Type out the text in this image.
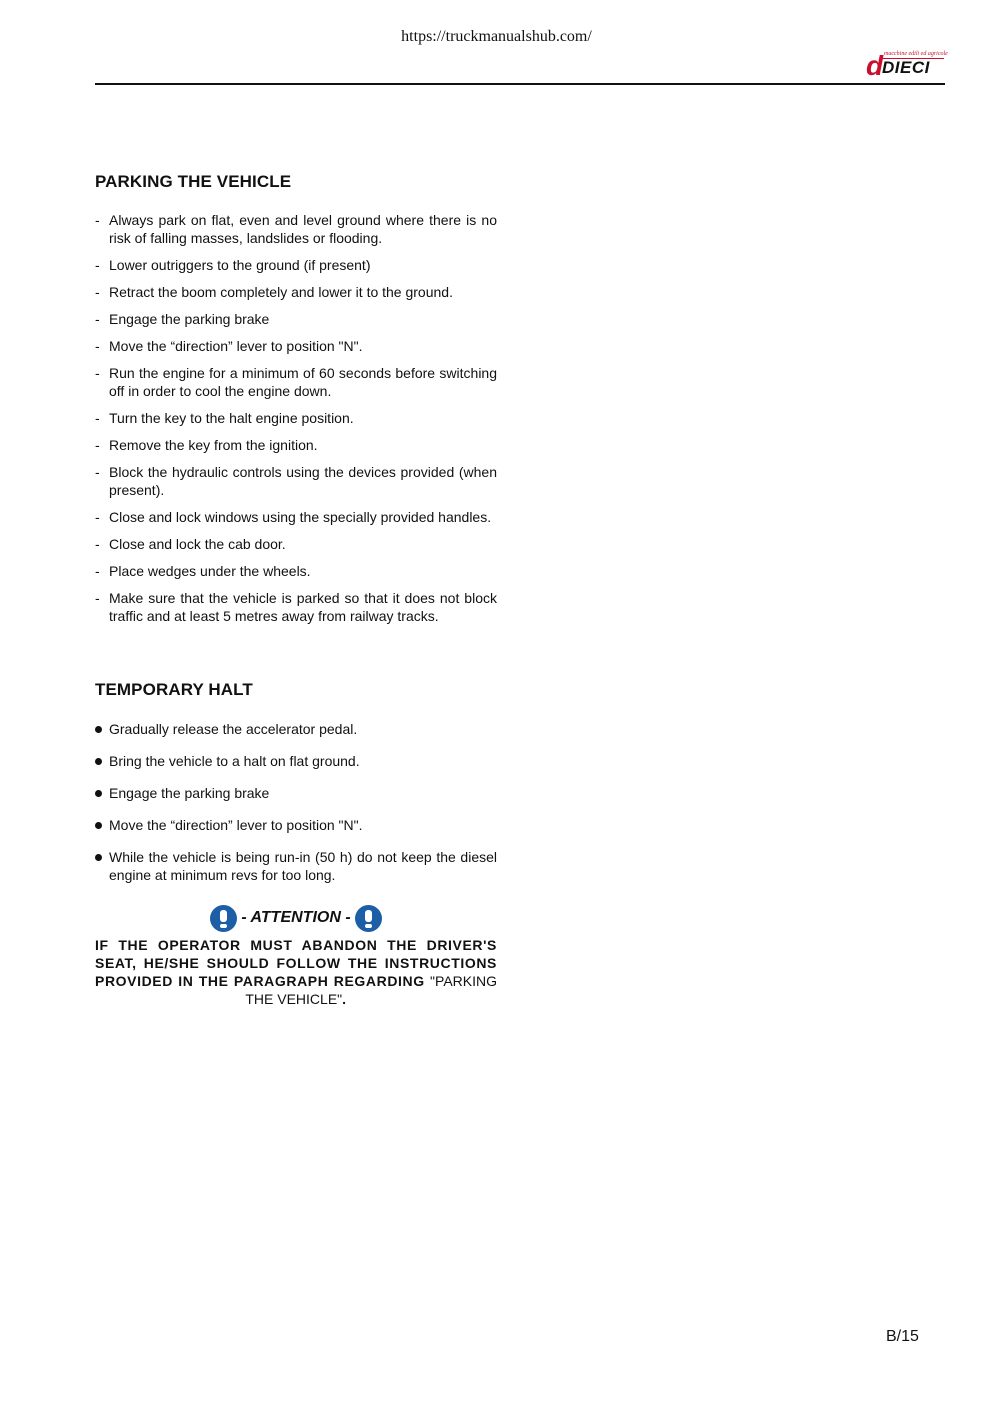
https://truckmanualshub.com/
macchine edili ed agricole
d
DIECI
PARKING THE VEHICLE
- Always park on flat, even and level ground where there is no risk of falling masses, landslides or flooding.
- Lower outriggers to the ground (if present)
- Retract the boom completely and lower it to the ground.
- Engage the parking brake
- Move the “direction” lever to position "N".
- Run the engine for a minimum of 60 seconds before switching off in order to cool the engine down.
- Turn the key to the halt engine position.
- Remove the key from the ignition.
- Block the hydraulic controls using the devices provided (when present).
- Close and lock windows using the specially provided handles.
- Close and lock the cab door.
- Place wedges under the wheels.
- Make sure that the vehicle is parked so that it does not block traffic and at least 5 metres away from railway tracks.
TEMPORARY HALT
Gradually release the accelerator pedal.
Bring the vehicle to a halt on flat ground.
Engage the parking brake
Move the “direction” lever to position "N".
While the vehicle is being run-in (50 h) do not keep the diesel engine at minimum revs for too long.
- ATTENTION -
IF THE OPERATOR MUST ABANDON THE DRIVER'S SEAT, HE/SHE SHOULD FOLLOW THE INSTRUCTIONS PROVIDED IN THE PARAGRAPH REGARDING "PARKING THE VEHICLE".
B/15
